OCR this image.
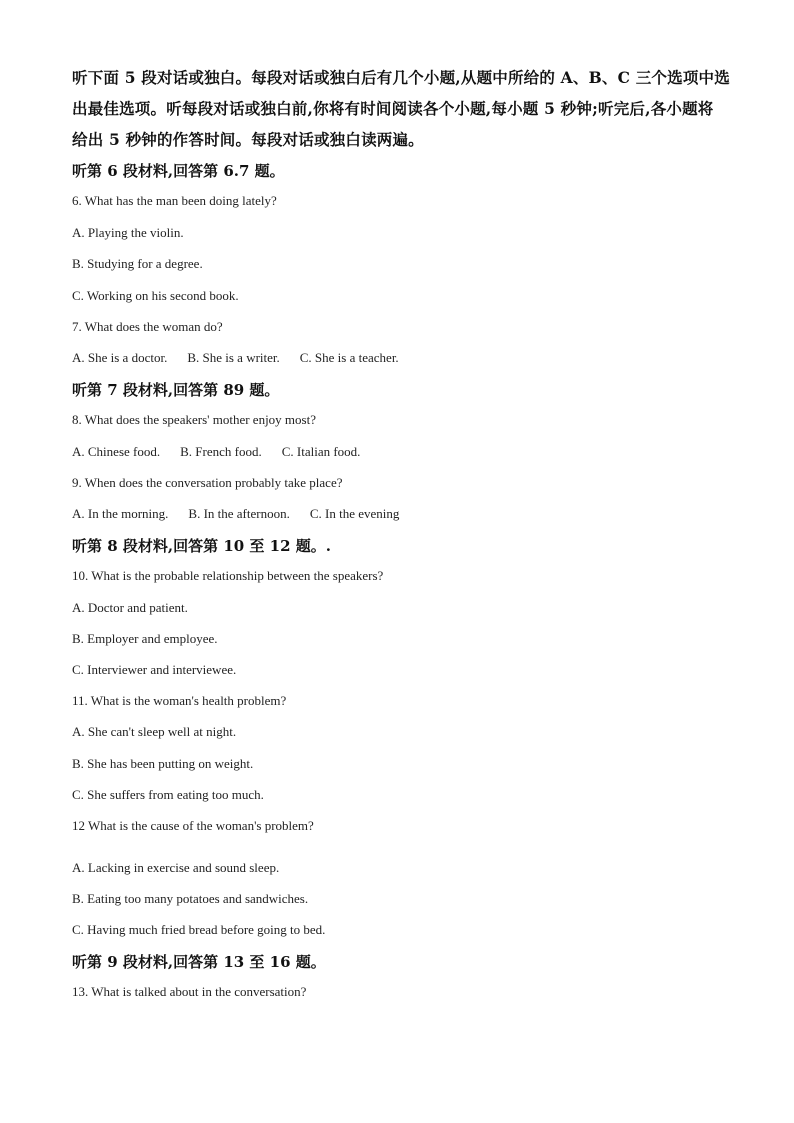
听下面 5 段对话或独白。每段对话或独白后有几个小题,从题中所给的 A、B、C 三个选项中选
出最佳选项。听每段对话或独白前,你将有时间阅读各个小题,每小题 5 秒钟;听完后,各小题将
给出 5 秒钟的作答时间。每段对话或独白读两遍。
听第 6 段材料,回答第 6.7 题。
6. What has the man been doing lately?
A. Playing the violin.
B. Studying for a degree.
C. Working on his second book.
7. What does the woman do?
A. She is a doctor. B. She is a writer. C. She is a teacher.
听第 7 段材料,回答第 89 题。
8. What does the speakers' mother enjoy most?
A. Chinese food. B. French food. C. Italian food.
9. When does the conversation probably take place?
A. In the morning. B. In the afternoon. C. In the evening
听第 8 段材料,回答第 10 至 12 题。.
10. What is the probable relationship between the speakers?
A. Doctor and patient.
B. Employer and employee.
C. Interviewer and interviewee.
11. What is the woman's health problem?
A. She can't sleep well at night.
B. She has been putting on weight.
C. She suffers from eating too much.
12 What is the cause of the woman's problem?
A. Lacking in exercise and sound sleep.
B. Eating too many potatoes and sandwiches.
C. Having much fried bread before going to bed.
听第 9 段材料,回答第 13 至 16 题。
13. What is talked about in the conversation?
